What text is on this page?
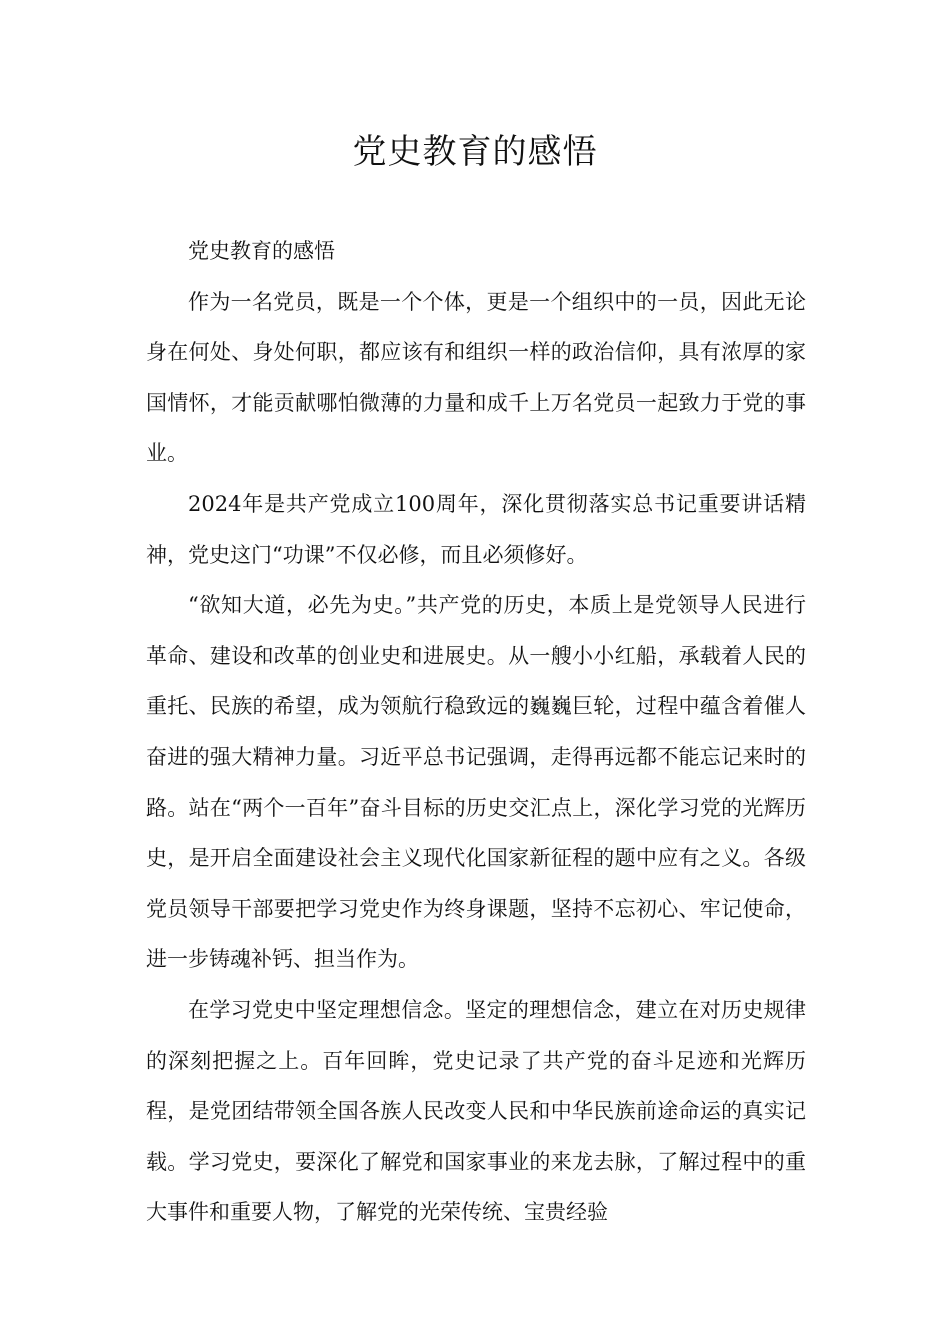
党史教育的感悟

党史教育的感悟

作为一名党员，既是一个个体，更是一个组织中的一员，因此无论身在何处、身处何职，都应该有和组织一样的政治信仰，具有浓厚的家国情怀，才能贡献哪怕微薄的力量和成千上万名党员一起致力于党的事业。

2024年是共产党成立100周年，深化贯彻落实总书记重要讲话精神，党史这门“功课”不仅必修，而且必须修好。

“欲知大道，必先为史。”共产党的历史，本质上是党领导人民进行革命、建设和改革的创业史和进展史。从一艘小小红船，承载着人民的重托、民族的希望，成为领航行稳致远的巍巍巨轮，过程中蕴含着催人奋进的强大精神力量。习近平总书记强调，走得再远都不能忘记来时的路。站在“两个一百年”奋斗目标的历史交汇点上，深化学习党的光辉历史，是开启全面建设社会主义现代化国家新征程的题中应有之义。各级党员领导干部要把学习党史作为终身课题，坚持不忘初心、牢记使命，进一步铸魂补钙、担当作为。

在学习党史中坚定理想信念。坚定的理想信念，建立在对历史规律的深刻把握之上。百年回眸，党史记录了共产党的奋斗足迹和光辉历程，是党团结带领全国各族人民改变人民和中华民族前途命运的真实记载。学习党史，要深化了解党和国家事业的来龙去脉，了解过程中的重大事件和重要人物，了解党的光荣传统、宝贵经验
